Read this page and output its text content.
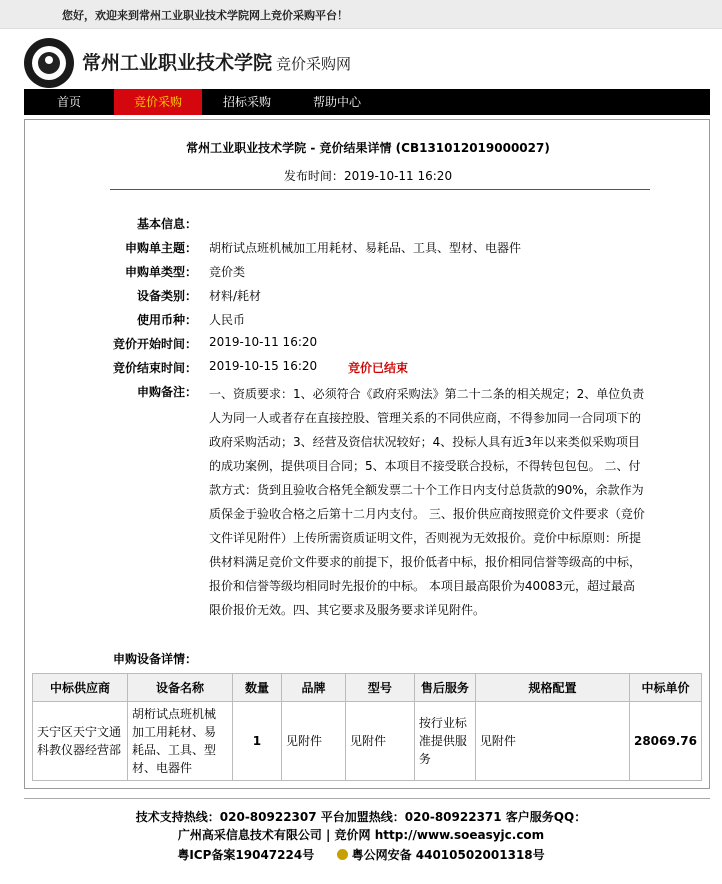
您好，欢迎来到常州工业职业技术学院网上竞价采购平台！
常州工业职业技术学院 竞价采购网
首页	竞价采购	招标采购	帮助中心
常州工业职业技术学院 - 竞价结果详情 (CB131012019000027)
发布时间：2019-10-11 16:20
基本信息：
申购单主题： 胡桁试点班机械加工用耗材、易耗品、工具、型材、电器件
申购单类型： 竞价类
设备类别： 材料/耗材
使用币种： 人民币
竞价开始时间： 2019-10-11 16:20
竞价结束时间： 2019-10-15 16:20	竞价已结束
申购备注： 一、资质要求：1、必须符合《政府采购法》第二十二条的相关规定；2、单位负责人为同一人或者存在直接控股、管理关系的不同供应商，不得参加同一合同项下的政府采购活动；3、经营及资信状况较好；4、投标人具有近3年以来类似采购项目的成功案例，提供项目合同；5、本项目不接受联合投标，不得转包包包。 二、付款方式：货到且验收合格凭全额发票二十个工作日内支付总货款的90%，余款作为质保金于验收合格之后第十二月内支付。 三、报价供应商按照竞价文件要求（竞价文件详见附件）上传所需资质证明文件，否则视为无效报价。竞价中标原则：所提供材料满足竞价文件要求的前提下，报价低者中标，报价相同信誉等级高的中标，报价和信誉等级均相同时先报价的中标。 本项目最高限价为40083元，超过最高限价报价无效。四、其它要求及服务要求详见附件。
申购设备详情：
中标供应商	设备名称	数量	品牌	型号	售后服务	规格配置	中标单价
天宁区天宁文通科教仪器经营部	胡桁试点班机械加工用耗材、易耗品、工具、型材、电器件	1	见附件	见附件	按行业标准提供服务	见附件	28069.76
技术支持热线：020-80922307 平台加盟热线：020-80922371 客户服务QQ：
广州高采信息技术有限公司 | 竞价网 http://www.soeasyjc.com
粤ICP备案19047224号	粤公网安备 44010502001318号
